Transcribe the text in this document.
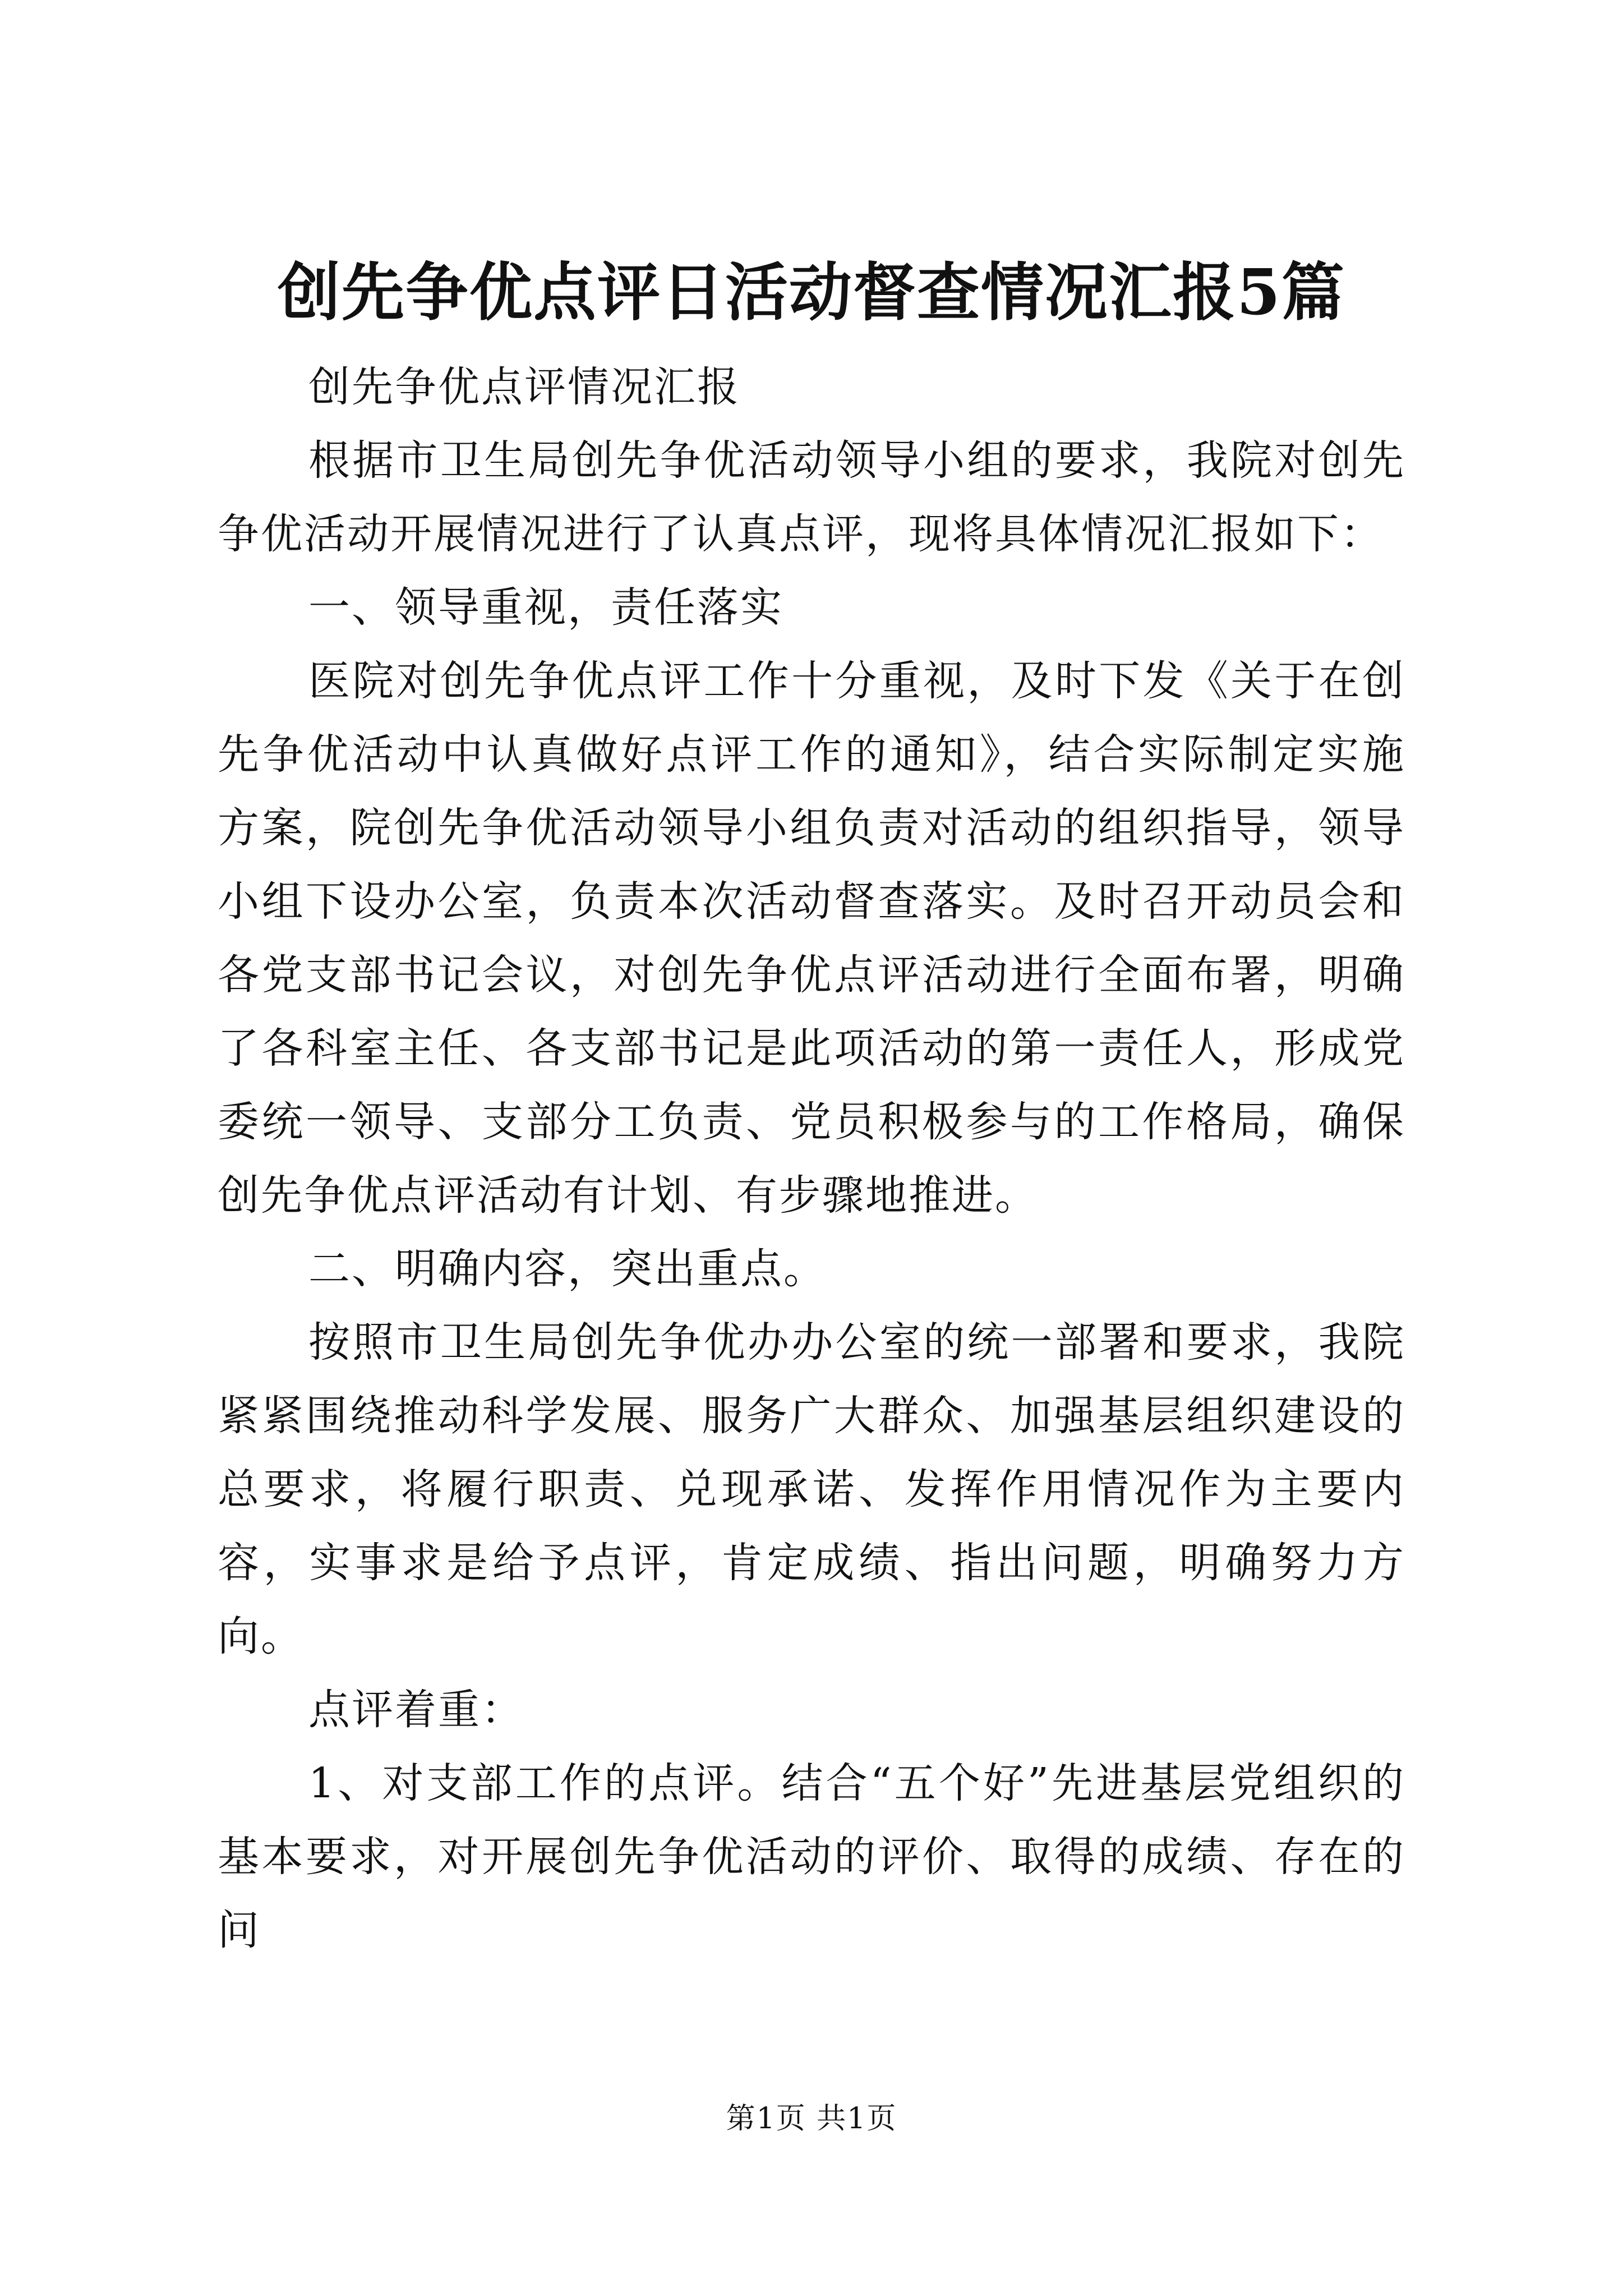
创先争优点评日活动督查情况汇报5篇

创先争优点评情况汇报

根据市卫生局创先争优活动领导小组的要求，我院对创先争优活动开展情况进行了认真点评，现将具体情况汇报如下：

一、领导重视，责任落实

医院对创先争优点评工作十分重视，及时下发《关于在创先争优活动中认真做好点评工作的通知》，结合实际制定实施方案，院创先争优活动领导小组负责对活动的组织指导，领导小组下设办公室，负责本次活动督查落实。及时召开动员会和各党支部书记会议，对创先争优点评活动进行全面布署，明确了各科室主任、各支部书记是此项活动的第一责任人，形成党委统一领导、支部分工负责、党员积极参与的工作格局，确保创先争优点评活动有计划、有步骤地推进。

二、明确内容，突出重点。

按照市卫生局创先争优办办公室的统一部署和要求，我院紧紧围绕推动科学发展、服务广大群众、加强基层组织建设的总要求，将履行职责、兑现承诺、发挥作用情况作为主要内容，实事求是给予点评，肯定成绩、指出问题，明确努力方向。

点评着重：

1、对支部工作的点评。结合“五个好”先进基层党组织的基本要求，对开展创先争优活动的评价、取得的成绩、存在的问

第1页 共1页
